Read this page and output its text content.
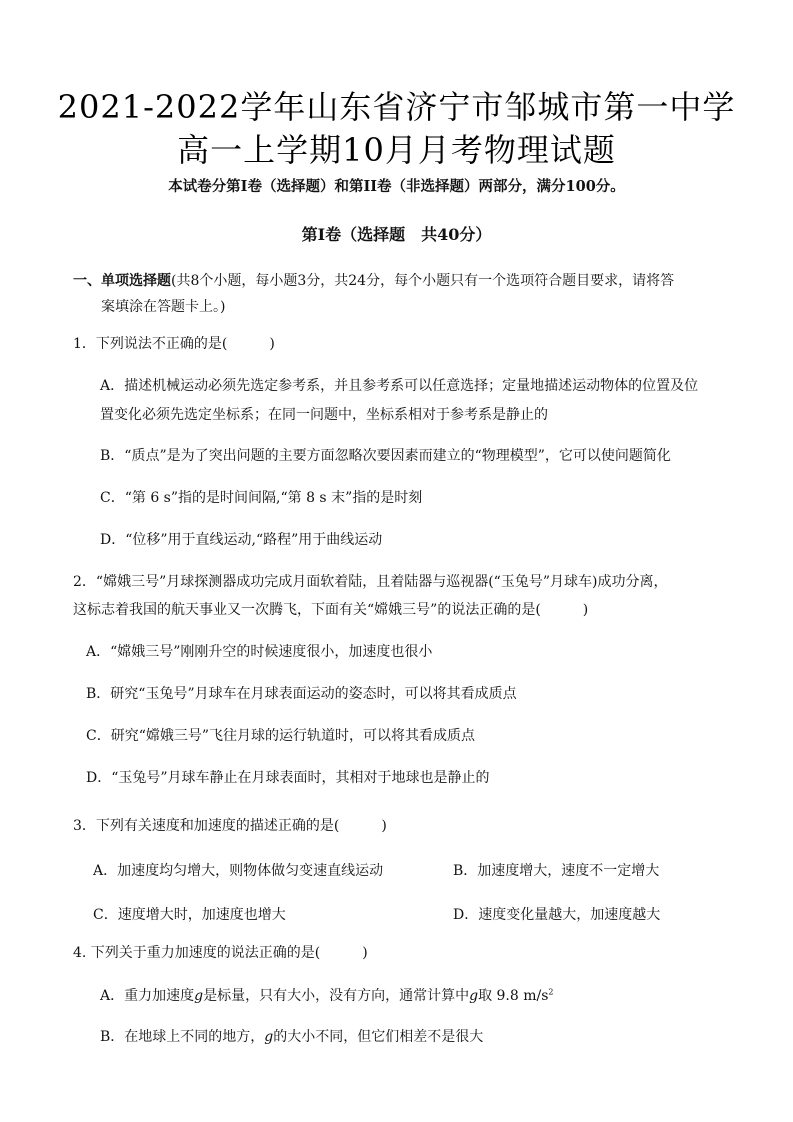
2021-2022学年山东省济宁市邹城市第一中学
高一上学期10月月考物理试题
本试卷分第I卷（选择题）和第II卷（非选择题）两部分，满分100分。
第I卷（选择题　共40分）
一、单项选择题(共8个小题，每小题3分，共24分，每个小题只有一个选项符合题目要求，请将答
案填涂在答题卡上。)
1．下列说法不正确的是(　　　)
A．描述机械运动必须先选定参考系，并且参考系可以任意选择；定量地描述运动物体的位置及位
置变化必须先选定坐标系；在同一问题中，坐标系相对于参考系是静止的
B．“质点”是为了突出问题的主要方面忽略次要因素而建立的“物理模型”，它可以使问题简化
C．“第 6 s”指的是时间间隔,“第 8 s 末”指的是时刻
D．“位移”用于直线运动,“路程”用于曲线运动
2．“嫦娥三号”月球探测器成功完成月面软着陆，且着陆器与巡视器(“玉兔号”月球车)成功分离，
这标志着我国的航天事业又一次腾飞，下面有关“嫦娥三号”的说法正确的是(　　　)
A．“嫦娥三号”刚刚升空的时候速度很小，加速度也很小
B．研究“玉兔号”月球车在月球表面运动的姿态时，可以将其看成质点
C．研究“嫦娥三号”飞往月球的运行轨道时，可以将其看成质点
D．“玉兔号”月球车静止在月球表面时，其相对于地球也是静止的
3．下列有关速度和加速度的描述正确的是(　　　)
A．加速度均匀增大，则物体做匀变速直线运动	B．加速度增大，速度不一定增大
C．速度增大时，加速度也增大	D．速度变化量越大，加速度越大
4. 下列关于重力加速度的说法正确的是(　　　)
A．重力加速度g是标量，只有大小，没有方向，通常计算中g取 9.8 $m/s^2$
B．在地球上不同的地方，g的大小不同，但它们相差不是很大
